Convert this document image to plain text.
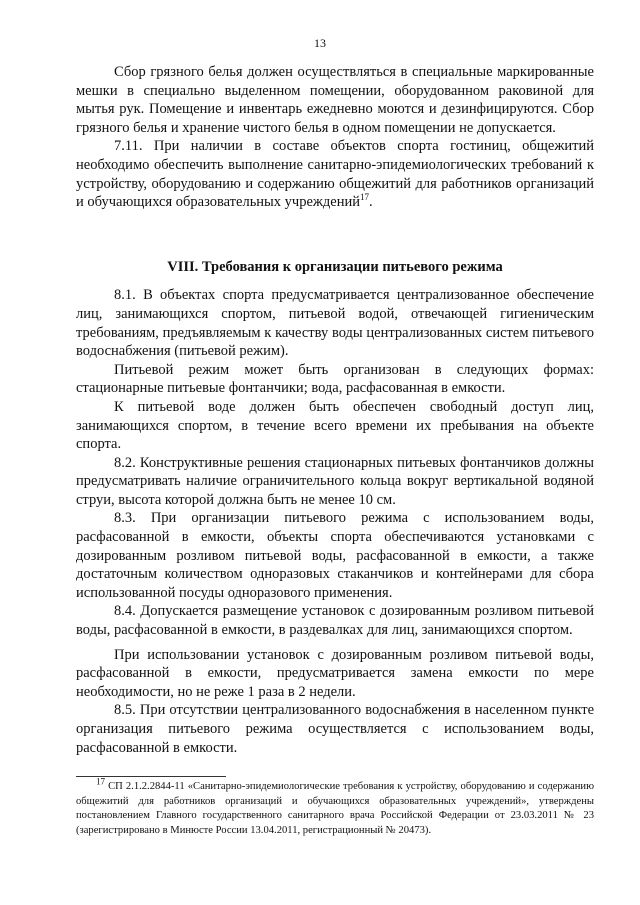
13

Сбор грязного белья должен осуществляться в специальные маркированные мешки в специально выделенном помещении, оборудованном раковиной для мытья рук. Помещение и инвентарь ежедневно моются и дезинфицируются. Сбор грязного белья и хранение чистого белья в одном помещении не допускается.

7.11. При наличии в составе объектов спорта гостиниц, общежитий необходимо обеспечить выполнение санитарно-эпидемиологических требований к устройству, оборудованию и содержанию общежитий для работников организаций и обучающихся образовательных учреждений$^{17}$.

VIII. Требования к организации питьевого режима

8.1. В объектах спорта предусматривается централизованное обеспечение лиц, занимающихся спортом, питьевой водой, отвечающей гигиеническим требованиям, предъявляемым к качеству воды централизованных систем питьевого водоснабжения (питьевой режим).

Питьевой режим может быть организован в следующих формах: стационарные питьевые фонтанчики; вода, расфасованная в емкости.

К питьевой воде должен быть обеспечен свободный доступ лиц, занимающихся спортом, в течение всего времени их пребывания на объекте спорта.

8.2. Конструктивные решения стационарных питьевых фонтанчиков должны предусматривать наличие ограничительного кольца вокруг вертикальной водяной струи, высота которой должна быть не менее 10 см.

8.3. При организации питьевого режима с использованием воды, расфасованной в емкости, объекты спорта обеспечиваются установками с дозированным розливом питьевой воды, расфасованной в емкости, а также достаточным количеством одноразовых стаканчиков и контейнерами для сбора использованной посуды одноразового применения.

8.4. Допускается размещение установок с дозированным розливом питьевой воды, расфасованной в емкости, в раздевалках для лиц, занимающихся спортом.

При использовании установок с дозированным розливом питьевой воды, расфасованной в емкости, предусматривается замена емкости по мере необходимости, но не реже 1 раза в 2 недели.

8.5. При отсутствии централизованного водоснабжения в населенном пункте организация питьевого режима осуществляется с использованием воды, расфасованной в емкости.

$^{17}$ СП 2.1.2.2844-11 «Санитарно-эпидемиологические требования к устройству, оборудованию и содержанию общежитий для работников организаций и обучающихся образовательных учреждений», утверждены постановлением Главного государственного санитарного врача Российской Федерации от 23.03.2011 № 23 (зарегистрировано в Минюсте России 13.04.2011, регистрационный № 20473).
